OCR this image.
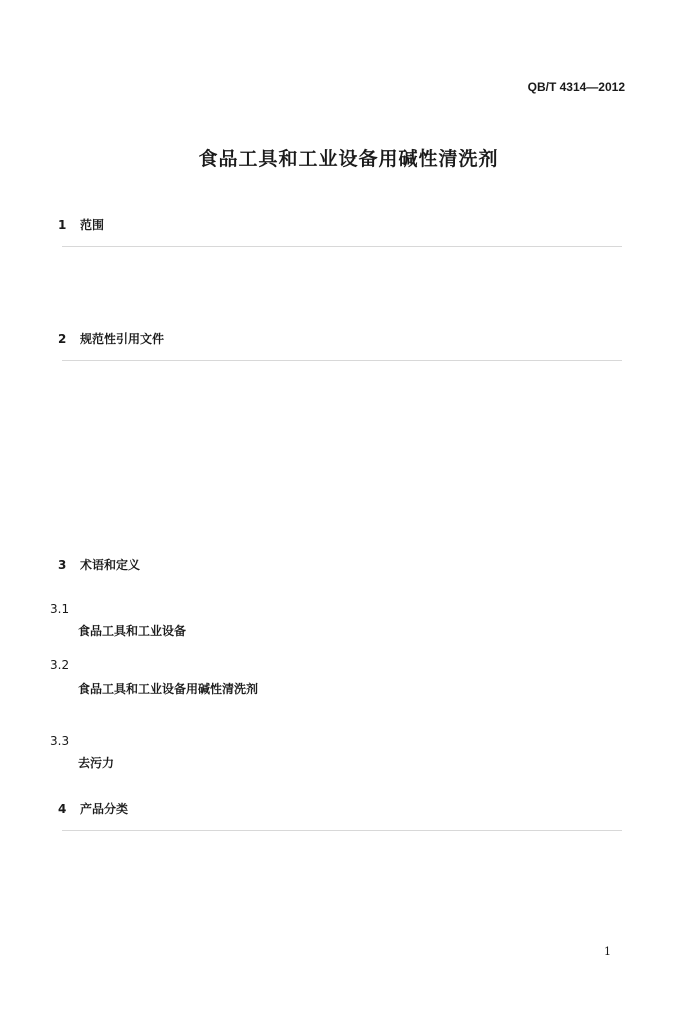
QB/T 4314—2012
食品工具和工业设备用碱性清洗剂
1 范围
2 规范性引用文件
3 术语和定义
3.1
食品工具和工业设备
3.2
食品工具和工业设备用碱性清洗剂
3.3
去污力
4 产品分类
1
